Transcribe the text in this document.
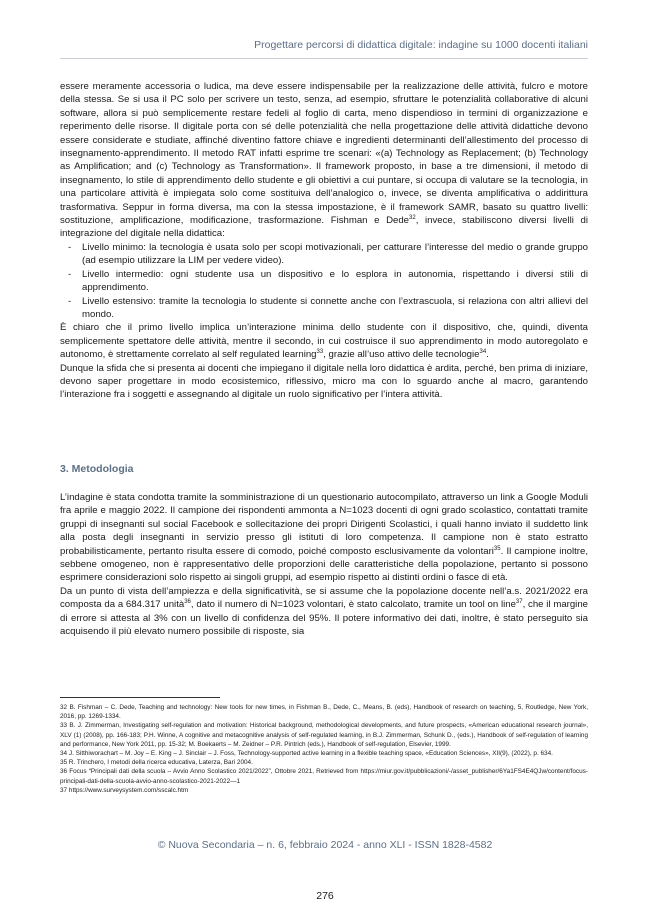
Progettare percorsi di didattica digitale: indagine su 1000 docenti italiani

essere meramente accessoria o ludica, ma deve essere indispensabile per la realizzazione delle attività, fulcro e motore della stessa. Se si usa il PC solo per scrivere un testo, senza, ad esempio, sfruttare le potenzialità collaborative di alcuni software, allora si può semplicemente restare fedeli al foglio di carta, meno dispendioso in termini di organizzazione e reperimento delle risorse. Il digitale porta con sé delle potenzialità che nella progettazione delle attività didattiche devono essere considerate e studiate, affinché diventino fattore chiave e ingredienti determinanti dell’allestimento del processo di insegnamento-apprendimento. Il metodo RAT infatti esprime tre scenari: «(a) Technology as Replacement; (b) Technology as Amplification; and (c) Technology as Transformation». Il framework proposto, in base a tre dimensioni, il metodo di insegnamento, lo stile di apprendimento dello studente e gli obiettivi a cui puntare, si occupa di valutare se la tecnologia, in una particolare attività è impiegata solo come sostituiva dell’analogico o, invece, se diventa amplificativa o addirittura trasformativa. Seppur in forma diversa, ma con la stessa impostazione, è il framework SAMR, basato su quattro livelli: sostituzione, amplificazione, modificazione, trasformazione. Fishman e Dede$^{32}$, invece, stabiliscono diversi livelli di integrazione del digitale nella didattica:

- Livello minimo: la tecnologia è usata solo per scopi motivazionali, per catturare l’interesse del medio o grande gruppo (ad esempio utilizzare la LIM per vedere video).
- Livello intermedio: ogni studente usa un dispositivo e lo esplora in autonomia, rispettando i diversi stili di apprendimento.
- Livello estensivo: tramite la tecnologia lo studente si connette anche con l’extrascuola, si relaziona con altri allievi del mondo.

È chiaro che il primo livello implica un’interazione minima dello studente con il dispositivo, che, quindi, diventa semplicemente spettatore delle attività, mentre il secondo, in cui costruisce il suo apprendimento in modo autoregolato e autonomo, è strettamente correlato al self regulated learning$^{33}$, grazie all’uso attivo delle tecnologie$^{34}$.

Dunque la sfida che si presenta ai docenti che impiegano il digitale nella loro didattica è ardita, perché, ben prima di iniziare, devono saper progettare in modo ecosistemico, riflessivo, micro ma con lo sguardo anche al macro, garantendo l’interazione fra i soggetti e assegnando al digitale un ruolo significativo per l’intera attività.

3. Metodologia

L’indagine è stata condotta tramite la somministrazione di un questionario autocompilato, attraverso un link a Google Moduli fra aprile e maggio 2022. Il campione dei rispondenti ammonta a N=1023 docenti di ogni grado scolastico, contattati tramite gruppi di insegnanti sul social Facebook e sollecitazione dei propri Dirigenti Scolastici, i quali hanno inviato il suddetto link alla posta degli insegnanti in servizio presso gli istituti di loro competenza. Il campione non è stato estratto probabilisticamente, pertanto risulta essere di comodo, poiché composto esclusivamente da volontari$^{35}$. Il campione inoltre, sebbene omogeneo, non è rappresentativo delle proporzioni delle caratteristiche della popolazione, pertanto si possono esprimere considerazioni solo rispetto ai singoli gruppi, ad esempio rispetto ai distinti ordini o fasce di età.

Da un punto di vista dell’ampiezza e della significatività, se si assume che la popolazione docente nell’a.s. 2021/2022 era composta da a 684.317 unità$^{36}$, dato il numero di N=1023 volontari, è stato calcolato, tramite un tool on line$^{37}$, che il margine di errore si attesta al 3% con un livello di confidenza del 95%. Il potere informativo dei dati, inoltre, è stato perseguito sia acquisendo il più elevato numero possibile di risposte, sia

32 B. Fishman – C. Dede, Teaching and technology: New tools for new times, in Fishman B., Dede, C., Means, B. (eds), Handbook of research on teaching, 5, Routledge, New York, 2016, pp. 1269-1334.

33 B. J. Zimmerman, Investigating self-regulation and motivation: Historical background, methodological developments, and future prospects, «American educational research journal», XLV (1) (2008), pp. 166-183; P.H. Winne, A cognitive and metacognitive analysis of self-regulated learning, in B.J. Zimmerman, Schunk D., (eds.), Handbook of self-regulation of learning and performance, New York 2011, pp. 15-32; M. Boekaerts – M. Zeidner – P.R. Pintrich (eds.), Handbook of self-regulation, Elsevier, 1999.

34 J. Sitthiworachart – M. Joy – E. King – J. Sinclair – J. Foss, Technology-supported active learning in a flexible teaching space, «Education Sciences», XII(9), (2022), p. 634.

35 R. Trinchero, I metodi della ricerca educativa, Laterza, Bari 2004.

36 Focus “Principali dati della scuola – Avvio Anno Scolastico 2021/2022”, Ottobre 2021, Retrieved from https://miur.gov.it/pubblicazioni/-/asset_publisher/6Ya1FS4E4QJw/content/focus-principali-dati-della-scuola-avvio-anno-scolastico-2021-2022—1

37 https://www.surveysystem.com/sscalc.htm

© Nuova Secondaria – n. 6, febbraio 2024 - anno XLI - ISSN 1828-4582
276
